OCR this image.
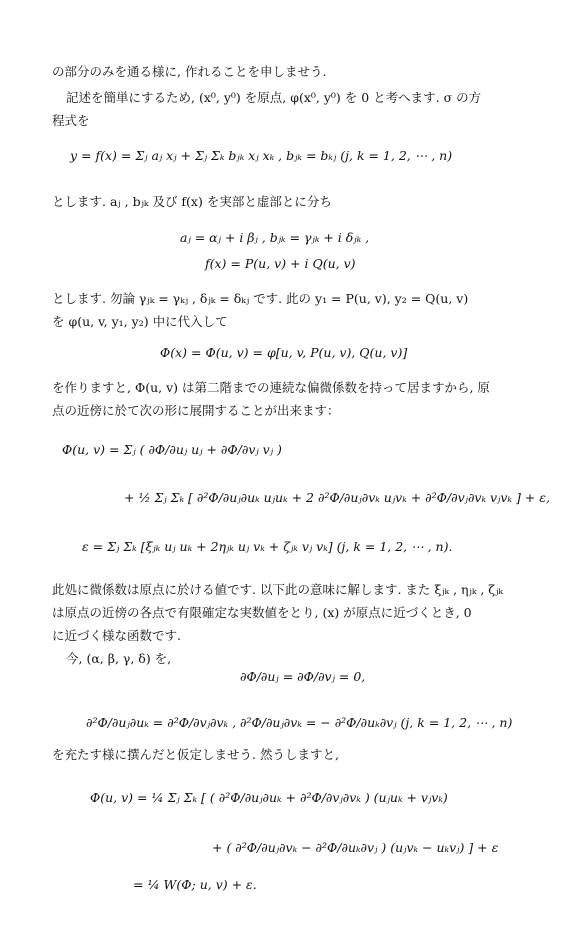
の部分のみを通る様に, 作れることを申しませう.
記述を簡単にするため, (x⁰, y⁰) を原点, φ(x⁰, y⁰) を 0 と考へます. σ の方
程式を
y = f(x) = Σⱼ aⱼ xⱼ + Σⱼ Σₖ bⱼₖ xⱼ xₖ , bⱼₖ = bₖⱼ (j, k = 1, 2, ⋯ , n)
とします. aⱼ , bⱼₖ 及び f(x) を実部と虚部とに分ち
aⱼ = αⱼ + i βⱼ , bⱼₖ = γⱼₖ + i δⱼₖ ,
f(x) = P(u, v) + i Q(u, v)
とします. 勿論 γⱼₖ = γₖⱼ , δⱼₖ = δₖⱼ です. 此の y₁ = P(u, v), y₂ = Q(u, v)
を φ(u, v, y₁, y₂) 中に代入して
Φ(x) = Φ(u, v) = φ[u, v, P(u, v), Q(u, v)]
を作りますと, Φ(u, v) は第二階までの連続な偏微係数を持って居ますから, 原
点の近傍に於て次の形に展開することが出来ます：
Φ(u, v) = Σⱼ ( ∂Φ/∂uⱼ uⱼ + ∂Φ/∂vⱼ vⱼ )
+ ½ Σⱼ Σₖ [ ∂²Φ/∂uⱼ∂uₖ uⱼuₖ + 2 ∂²Φ/∂uⱼ∂vₖ uⱼvₖ + ∂²Φ/∂vⱼ∂vₖ vⱼvₖ ] + ε,
ε = Σⱼ Σₖ [ξⱼₖ uⱼ uₖ + 2ηⱼₖ uⱼ vₖ + ζⱼₖ vⱼ vₖ] (j, k = 1, 2, ⋯ , n).
此処に微係数は原点に於ける値です. 以下此の意味に解します. また ξⱼₖ , ηⱼₖ , ζⱼₖ
は原点の近傍の各点で有限確定な実数値をとり, (x) が原点に近づくとき, 0
に近づく様な函数です.
今, (α, β, γ, δ) を,
∂Φ/∂uⱼ = ∂Φ/∂vⱼ = 0,
∂²Φ/∂uⱼ∂uₖ = ∂²Φ/∂vⱼ∂vₖ , ∂²Φ/∂uⱼ∂vₖ = − ∂²Φ/∂uₖ∂vⱼ (j, k = 1, 2, ⋯ , n)
を充たす様に撰んだと仮定しませう. 然うしますと,
Φ(u, v) = ¼ Σⱼ Σₖ [ ( ∂²Φ/∂uⱼ∂uₖ + ∂²Φ/∂vⱼ∂vₖ ) (uⱼuₖ + vⱼvₖ)
+ ( ∂²Φ/∂uⱼ∂vₖ − ∂²Φ/∂uₖ∂vⱼ ) (uⱼvₖ − uₖvⱼ) ] + ε
= ¼ W(Φ; u, v) + ε.
